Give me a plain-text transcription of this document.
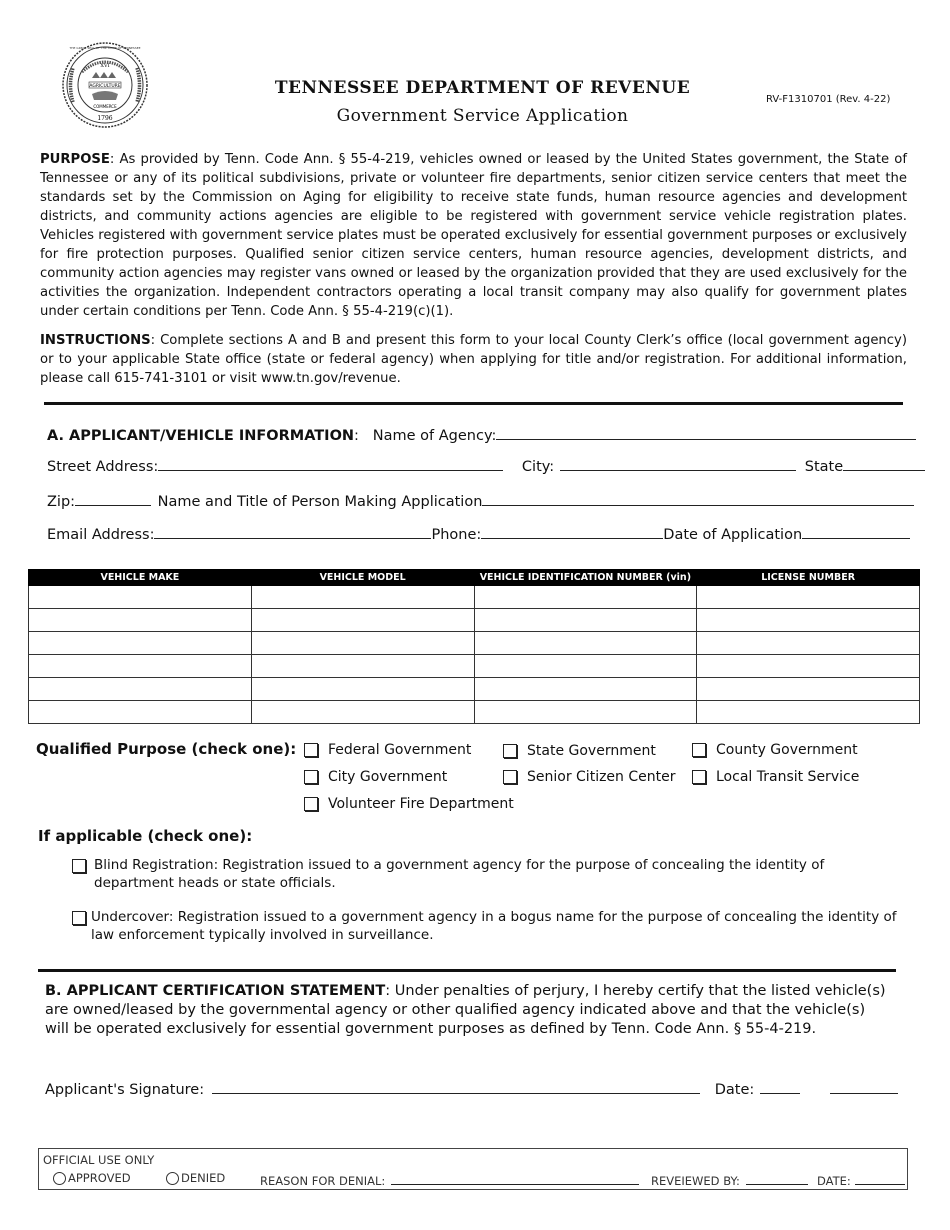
XVI
AGRICULTURE
COMMERCE
1796
THE GREAT SEAL OF THE STATE OF TENNESSEE
TENNESSEE DEPARTMENT OF REVENUE
Government Service Application
RV-F1310701 (Rev. 4-22)
PURPOSE: As provided by Tenn. Code Ann. § 55-4-219, vehicles owned or leased by the United States government, the State of Tennessee or any of its political subdivisions, private or volunteer fire departments, senior citizen service centers that meet the standards set by the Commission on Aging for eligibility to receive state funds, human resource agencies and development districts, and community actions agencies are eligible to be registered with government service vehicle registration plates. Vehicles registered with government service plates must be operated exclusively for essential government purposes or exclusively for fire protection purposes. Qualified senior citizen service centers, human resource agencies, development districts, and community action agencies may register vans owned or leased by the organization provided that they are used exclusively for the activities the organization. Independent contractors operating a local transit company may also qualify for government plates under certain conditions per Tenn. Code Ann. § 55-4-219(c)(1).
INSTRUCTIONS: Complete sections A and B and present this form to your local County Clerk’s office (local government agency) or to your applicable State office (state or federal agency) when applying for title and/or registration. For additional information, please call 615-741-3101 or visit www.tn.gov/revenue.
A. APPLICANT/VEHICLE INFORMATION: Name of Agency:
Street Address:	City:	State
Zip:	Name and Title of Person Making Application
Email Address:	Phone:	Date of Application
VEHICLE MAKE	VEHICLE MODEL	VEHICLE IDENTIFICATION NUMBER (vin)	LICENSE NUMBER

Qualified Purpose (check one):	Federal Government	State Government	County Government
City Government	Senior Citizen Center	Local Transit Service
Volunteer Fire Department
If applicable (check one):
Blind Registration: Registration issued to a government agency for the purpose of concealing the identity of department heads or state officials.
Undercover: Registration issued to a government agency in a bogus name for the purpose of concealing the identity of law enforcement typically involved in surveillance.
B. APPLICANT CERTIFICATION STATEMENT: Under penalties of perjury, I hereby certify that the listed vehicle(s) are owned/leased by the governmental agency or other qualified agency indicated above and that the vehicle(s) will be operated exclusively for essential government purposes as defined by Tenn. Code Ann. § 55-4-219.
Applicant's Signature:	Date:
OFFICIAL USE ONLY
APPROVED	DENIED	REASON FOR DENIAL:	REVEIEWED BY:	DATE:
